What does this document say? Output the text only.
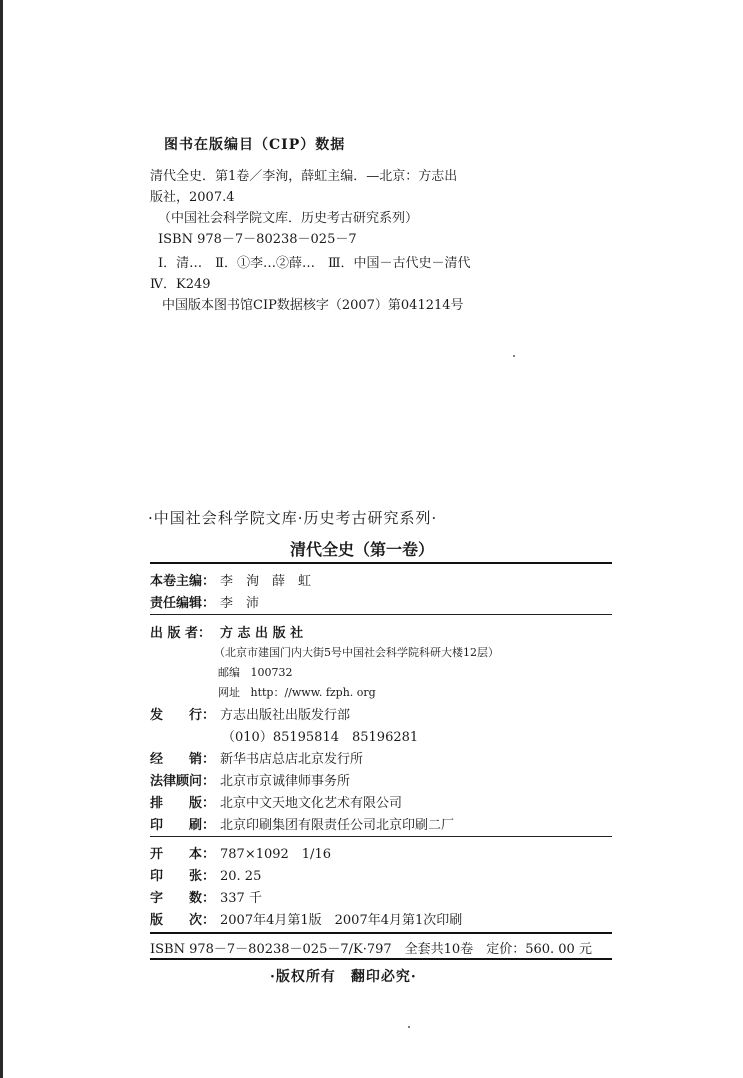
图书在版编目（CIP）数据
清代全史．第1卷／李洵，薛虹主编．—北京：方志出
版社，2007.4
（中国社会科学院文库．历史考古研究系列）
ISBN 978－7－80238－025－7
Ⅰ．清…　Ⅱ．①李…②薛…　Ⅲ．中国－古代史－清代
Ⅳ．K249
中国版本图书馆CIP数据核字（2007）第041214号
·中国社会科学院文库·历史考古研究系列·
清代全史（第一卷）
本卷主编： 李　洵　薛　虹
责任编辑： 李　沛
出 版 者： 方 志 出 版 社
（北京市建国门内大街5号中国社会科学院科研大楼12层）
邮编 100732
网址 http：//www. fzph. org
发　　行： 方志出版社出版发行部
（010）85195814　85196281
经　　销： 新华书店总店北京发行所
法律顾问： 北京市京诚律师事务所
排　　版： 北京中文天地文化艺术有限公司
印　　刷： 北京印刷集团有限责任公司北京印刷二厂
开　　本： 787×1092　1/16
印　　张： 20. 25
字　　数： 337 千
版　　次： 2007年4月第1版　2007年4月第1次印刷
ISBN 978－7－80238－025－7/K·797　全套共10卷　定价：560. 00 元
·版权所有　翻印必究·
